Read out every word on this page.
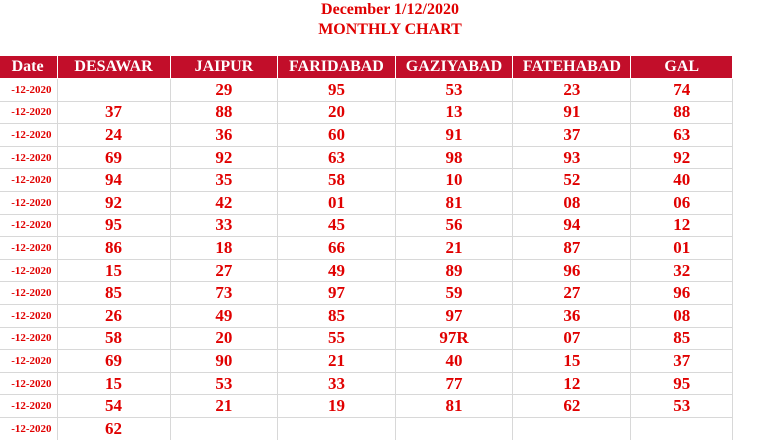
December 1/12/2020
MONTHLY CHART
Date	DESAWAR	JAIPUR	FARIDABAD	GAZIYABAD	FATEHABAD	GAL
-12-2020		29	95	53	23	74
-12-2020	37	88	20	13	91	88
-12-2020	24	36	60	91	37	63
-12-2020	69	92	63	98	93	92
-12-2020	94	35	58	10	52	40
-12-2020	92	42	01	81	08	06
-12-2020	95	33	45	56	94	12
-12-2020	86	18	66	21	87	01
-12-2020	15	27	49	89	96	32
-12-2020	85	73	97	59	27	96
-12-2020	26	49	85	97	36	08
-12-2020	58	20	55	97R	07	85
-12-2020	69	90	21	40	15	37
-12-2020	15	53	33	77	12	95
-12-2020	54	21	19	81	62	53
-12-2020	62					
